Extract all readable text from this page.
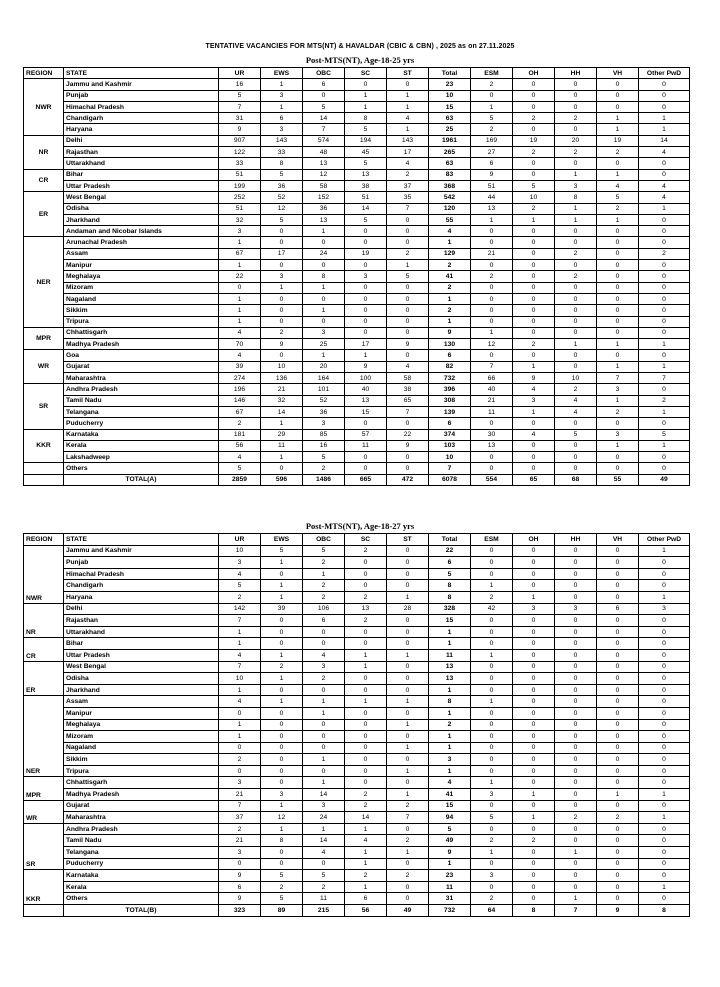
TENTATIVE VACANCIES FOR MTS(NT) & HAVALDAR (CBIC & CBN) , 2025 as on 27.11.2025
Post-MTS(NT), Age-18-25 yrs
REGION	STATE	UR	EWS	OBC	SC	ST	Total	ESM	OH	HH	VH	Other PwD
NWR	Jammu and Kashmir	16	1	6	0	0	23	2	0	0	0	0
	Punjab	5	3	0	1	1	10	0	0	0	0	0
	Himachal Pradesh	7	1	5	1	1	15	1	0	0	0	0
	Chandigarh	31	6	14	8	4	63	5	2	2	1	1
	Haryana	9	3	7	5	1	25	2	0	0	1	1
NR	Delhi	907	143	574	194	143	1961	169	19	20	19	14
	Rajasthan	122	33	48	45	17	265	27	2	2	2	4
	Uttarakhand	33	8	13	5	4	63	6	0	0	0	0
CR	Bihar	51	5	12	13	2	83	9	0	1	1	0
	Uttar Pradesh	199	36	58	38	37	368	51	5	3	4	4
ER	West Bengal	252	52	152	51	35	542	44	10	8	5	4
	Odisha	51	12	36	14	7	120	13	2	1	2	1
	Jharkhand	32	5	13	5	0	55	1	1	1	1	0
	Andaman and Nicobar Islands	3	0	1	0	0	4	0	0	0	0	0
NER	Arunachal Pradesh	1	0	0	0	0	1	0	0	0	0	0
	Assam	67	17	24	19	2	129	21	0	2	0	2
	Manipur	1	0	0	0	1	2	0	0	0	0	0
	Meghalaya	22	3	8	3	5	41	2	0	2	0	0
	Mizoram	0	1	1	0	0	2	0	0	0	0	0
	Nagaland	1	0	0	0	0	1	0	0	0	0	0
	Sikkim	1	0	1	0	0	2	0	0	0	0	0
	Tripura	1	0	0	0	0	1	0	0	0	0	0
MPR	Chhattisgarh	4	2	3	0	0	9	1	0	0	0	0
	Madhya Pradesh	70	9	25	17	9	130	12	2	1	1	1
WR	Goa	4	0	1	1	0	6	0	0	0	0	0
	Gujarat	39	10	20	9	4	82	7	1	0	1	1
	Maharashtra	274	136	164	100	58	732	66	9	10	7	7
SR	Andhra Pradesh	196	21	101	40	38	396	40	4	2	3	0
	Tamil Nadu	146	32	52	13	65	308	21	3	4	1	2
	Telangana	67	14	36	15	7	139	11	1	4	2	1
	Puducherry	2	1	3	0	0	6	0	0	0	0	0
KKR	Karnataka	181	29	85	57	22	374	30	4	5	3	5
	Kerala	56	11	16	11	9	103	13	0	0	1	1
	Lakshadweep	4	1	5	0	0	10	0	0	0	0	0
	Others	5	0	2	0	0	7	0	0	0	0	0
	TOTAL(A)	2859	596	1486	665	472	6078	554	65	68	55	49
Post-MTS(NT), Age-18-27 yrs
REGION	STATE	UR	EWS	OBC	SC	ST	Total	ESM	OH	HH	VH	Other PwD
NWR	Jammu and Kashmir	10	5	5	2	0	22	0	0	0	0	1
	Punjab	3	1	2	0	0	6	0	0	0	0	0
	Himachal Pradesh	4	0	1	0	0	5	0	0	0	0	0
	Chandigarh	5	1	2	0	0	8	1	0	0	0	0
	Haryana	2	1	2	2	1	8	2	1	0	0	1
NR	Delhi	142	39	106	13	28	328	42	3	3	6	3
	Rajasthan	7	0	6	2	0	15	0	0	0	0	0
	Uttarakhand	1	0	0	0	0	1	0	0	0	0	0
CR	Bihar	1	0	0	0	0	1	0	0	0	0	0
	Uttar Pradesh	4	1	4	1	1	11	1	0	0	0	0
ER	West Bengal	7	2	3	1	0	13	0	0	0	0	0
	Odisha	10	1	2	0	0	13	0	0	0	0	0
	Jharkhand	1	0	0	0	0	1	0	0	0	0	0
NER	Assam	4	1	1	1	1	8	1	0	0	0	0
	Manipur	0	0	1	0	0	1	0	0	0	0	0
	Meghalaya	1	0	0	0	1	2	0	0	0	0	0
	Mizoram	1	0	0	0	0	1	0	0	0	0	0
	Nagaland	0	0	0	0	1	1	0	0	0	0	0
	Sikkim	2	0	1	0	0	3	0	0	0	0	0
	Tripura	0	0	0	0	1	1	0	0	0	0	0
MPR	Chhattisgarh	3	0	1	0	0	4	1	0	0	0	0
	Madhya Pradesh	21	3	14	2	1	41	3	1	0	1	1
WR	Gujarat	7	1	3	2	2	15	0	0	0	0	0
	Maharashtra	37	12	24	14	7	94	5	1	2	2	1
SR	Andhra Pradesh	2	1	1	1	0	5	0	0	0	0	0
	Tamil Nadu	21	8	14	4	2	49	2	2	0	0	0
	Telangana	3	0	4	1	1	9	1	0	1	0	0
	Puducherry	0	0	0	1	0	1	0	0	0	0	0
KKR	Karnataka	9	5	5	2	2	23	3	0	0	0	0
	Kerala	6	2	2	1	0	11	0	0	0	0	1
	Others	9	5	11	6	0	31	2	0	1	0	0
	TOTAL(B)	323	89	215	56	49	732	64	8	7	9	8
